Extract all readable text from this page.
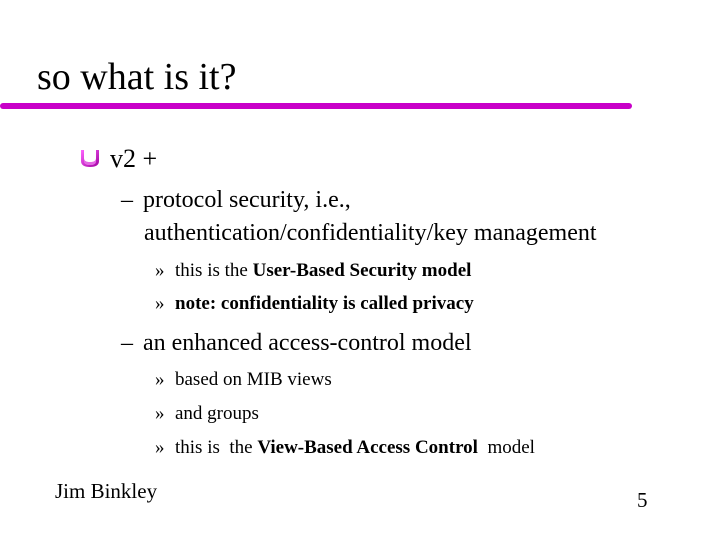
so what is it?
v2 +
– protocol security, i.e.,
authentication/confidentiality/key management
» this is the User-Based Security model
» note: confidentiality is called privacy
– an enhanced access-control model
» based on MIB views
» and groups
» this is  the View-Based Access Control  model
Jim Binkley	5
